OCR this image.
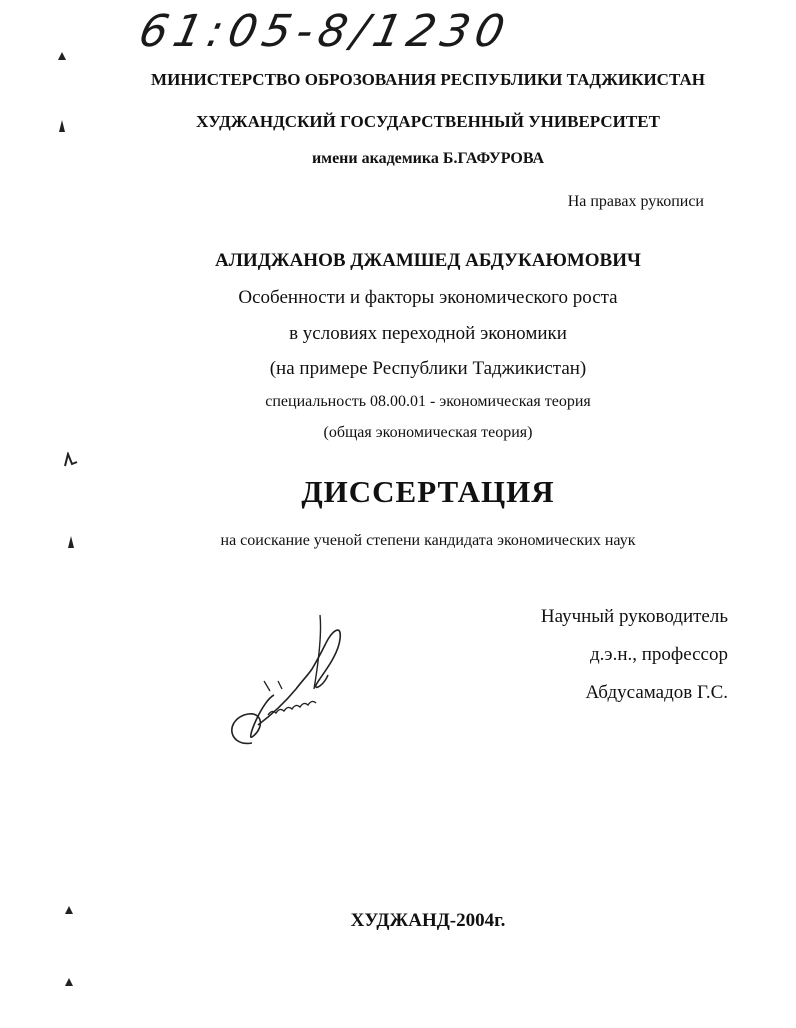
61:05-8/1230
МИНИСТЕРСТВО ОБРОЗОВАНИЯ РЕСПУБЛИКИ ТАДЖИКИСТАН
ХУДЖАНДСКИЙ ГОСУДАРСТВЕННЫЙ УНИВЕРСИТЕТ
имени академика Б.ГАФУРОВА
На правах рукописи
АЛИДЖАНОВ ДЖАМШЕД АБДУКАЮМОВИЧ
Особенности и факторы экономического роста
в условиях переходной экономики
(на примере Республики Таджикистан)
специальность 08.00.01 - экономическая теория
(общая экономическая теория)
ДИССЕРТАЦИЯ
на соискание ученой степени кандидата экономических наук
Научный руководитель
д.э.н., профессор
Абдусамадов Г.С.
ХУДЖАНД-2004г.
